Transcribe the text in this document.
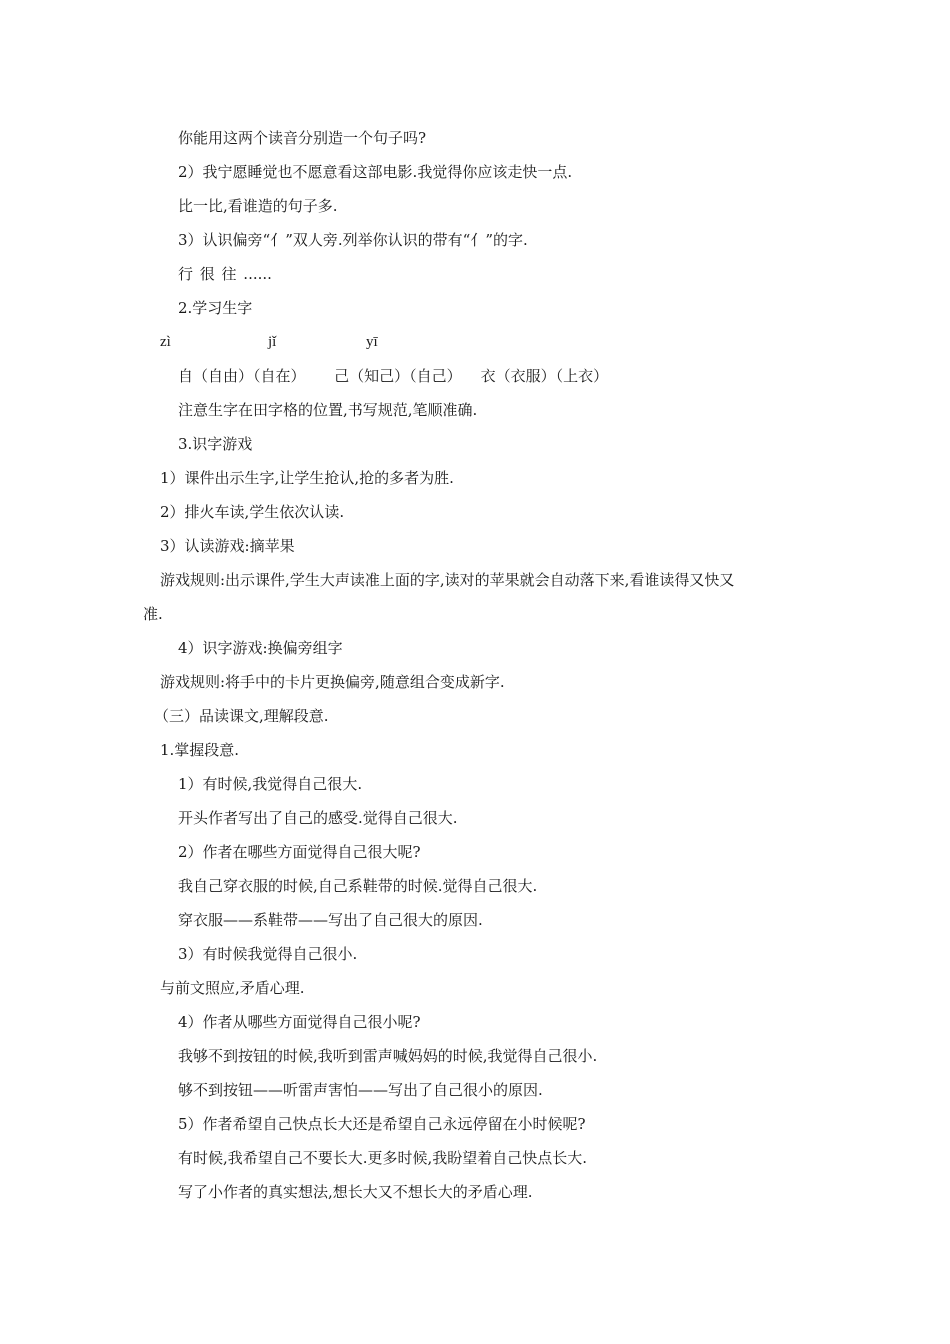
你能用这两个读音分别造一个句子吗?
2）我宁愿睡觉也不愿意看这部电影.我觉得你应该走快一点.
比一比,看谁造的句子多.
3）认识偏旁“亻”双人旁.列举你认识的带有“亻”的字.
行 很 往 ......
2.学习生字
zì	jǐ	yī
自（自由）（自在）      己（知己）（自己）    衣（衣服）（上衣）
注意生字在田字格的位置,书写规范,笔顺准确.
3.识字游戏
1）课件出示生字,让学生抢认,抢的多者为胜.
2）排火车读,学生依次认读.
3）认读游戏:摘苹果
游戏规则:出示课件,学生大声读准上面的字,读对的苹果就会自动落下来,看谁读得又快又
准.
4）识字游戏:换偏旁组字
游戏规则:将手中的卡片更换偏旁,随意组合变成新字.
（三）品读课文,理解段意.
1.掌握段意.
1）有时候,我觉得自己很大.
开头作者写出了自己的感受.觉得自己很大.
2）作者在哪些方面觉得自己很大呢?
我自己穿衣服的时候,自己系鞋带的时候.觉得自己很大.
穿衣服——系鞋带——写出了自己很大的原因.
3）有时候我觉得自己很小.
与前文照应,矛盾心理.
4）作者从哪些方面觉得自己很小呢?
我够不到按钮的时候,我听到雷声喊妈妈的时候,我觉得自己很小.
够不到按钮——听雷声害怕——写出了自己很小的原因.
5）作者希望自己快点长大还是希望自己永远停留在小时候呢?
有时候,我希望自己不要长大.更多时候,我盼望着自己快点长大.
写了小作者的真实想法,想长大又不想长大的矛盾心理.
